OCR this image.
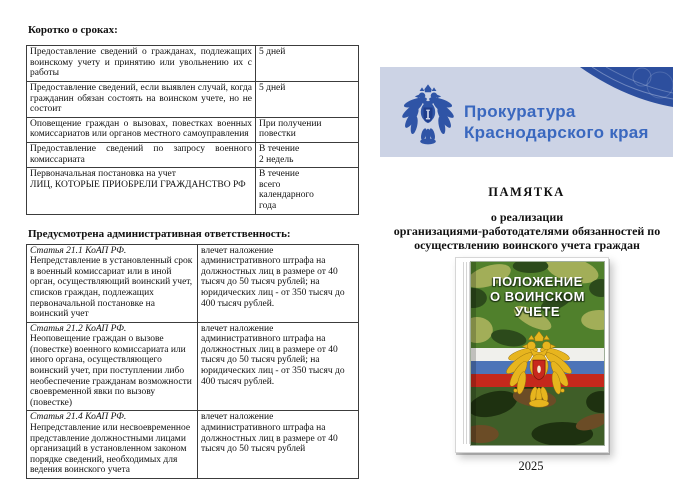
Коротко о сроках:
Предоставление сведений о гражданах, подлежащих воинскому учету и принятию или увольнению их с работы	5 дней

Предоставление сведений, если выявлен случай, когда гражданин обязан состоять на воинском учете, но не состоит	5 дней

Оповещение граждан о вызовах, повестках военных комиссариатов или органов местного самоуправления	При получении
повестки

Предоставление сведений по запросу военного комиссариата	В течение
2 недель

Первоначальная постановка на учет
ЛИЦ, КОТОРЫЕ ПРИОБРЕЛИ ГРАЖДАНСТВО РФ	В течение
всего
календарного
года
Предусмотрена административная ответственность:
Статья 21.1 КоАП РФ.
Непредставление в установленный срок в военный комиссариат или в иной орган, осуществляющий воинский учет, списков граждан, подлежащих первоначальной постановке на воинский учет	влечет наложение административного штрафа на должностных лиц в размере от 40 тысяч до 50 тысяч рублей; на юридических лиц - от 350 тысяч до 400 тысяч рублей.

Статья 21.2 КоАП РФ.
Неоповещение граждан о вызове (повестке) военного комиссариата или иного органа, осуществляющего воинский учет, при поступлении либо необеспечение гражданам возможности своевременной явки по вызову (повестке)	влечет наложение административного штрафа на должностных лиц в размере от 40 тысяч до 50 тысяч рублей; на юридических лиц - от 350 тысяч до 400 тысяч рублей.

Статья 21.4 КоАП РФ.
Непредставление или несвоевременное представление должностными лицами организаций в установленном законом порядке сведений, необходимых для ведения воинского учета	влечет наложение административного штрафа на должностных лиц в размере от 40 тысяч до 50 тысяч рублей
Прокуратура
Краснодарского края
ПАМЯТКА
о реализации
организациями-работодателями обязанностей по
осуществлению воинского учета граждан
ПОЛОЖЕНИЕ
О ВОИНСКОМ
УЧЕТЕ
2025
